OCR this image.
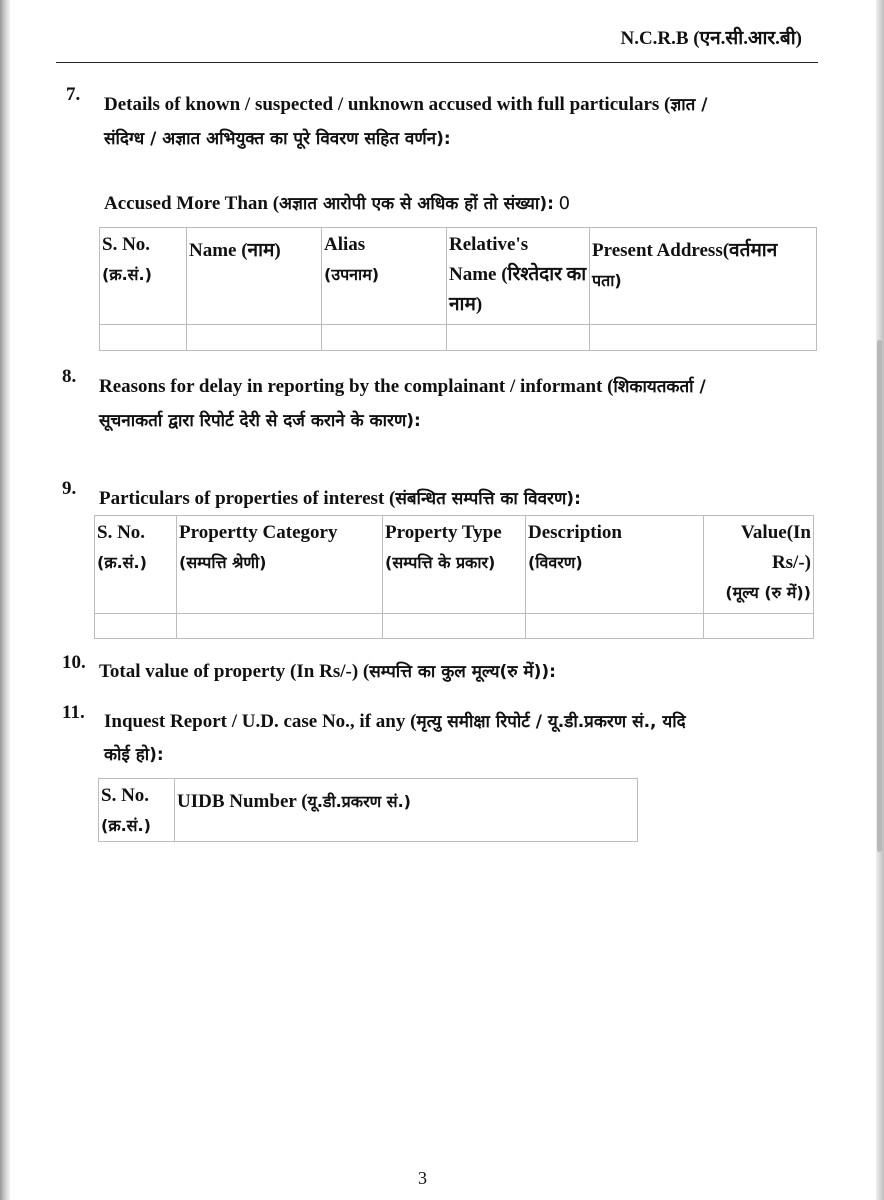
N.C.R.B (एन.सी.आर.बी)
7. Details of known / suspected / unknown accused with full particulars (ज्ञात /
संदिग्ध / अज्ञात अभियुक्त का पूरे विवरण सहित वर्णन):
Accused More Than (अज्ञात आरोपी एक से अधिक हों तो संख्या): 0
S. No.
(क्र.सं.)	Name (नाम)	Alias
(उपनाम)	Relative's
Name (रिश्तेदार का नाम)	Present Address(वर्तमान
पता)

8. Reasons for delay in reporting by the complainant / informant (शिकायतकर्ता /
सूचनाकर्ता द्वारा रिपोर्ट देरी से दर्ज कराने के कारण):
9. Particulars of properties of interest (संबन्धित सम्पत्ति का विवरण):
S. No.
(क्र.सं.)	Propertty Category
(सम्पत्ति श्रेणी)	Property Type
(सम्पत्ति के प्रकार)	Description
(विवरण)	Value(In Rs/-)
(मूल्य (रु में))

10. Total value of property (In Rs/-) (सम्पत्ति का कुल मूल्य(रु में)):
11. Inquest Report / U.D. case No., if any (मृत्यु समीक्षा रिपोर्ट / यू.डी.प्रकरण सं., यदि
कोई हो):
S. No.
(क्र.सं.)
	UIDB Number (यू.डी.प्रकरण सं.)
3
